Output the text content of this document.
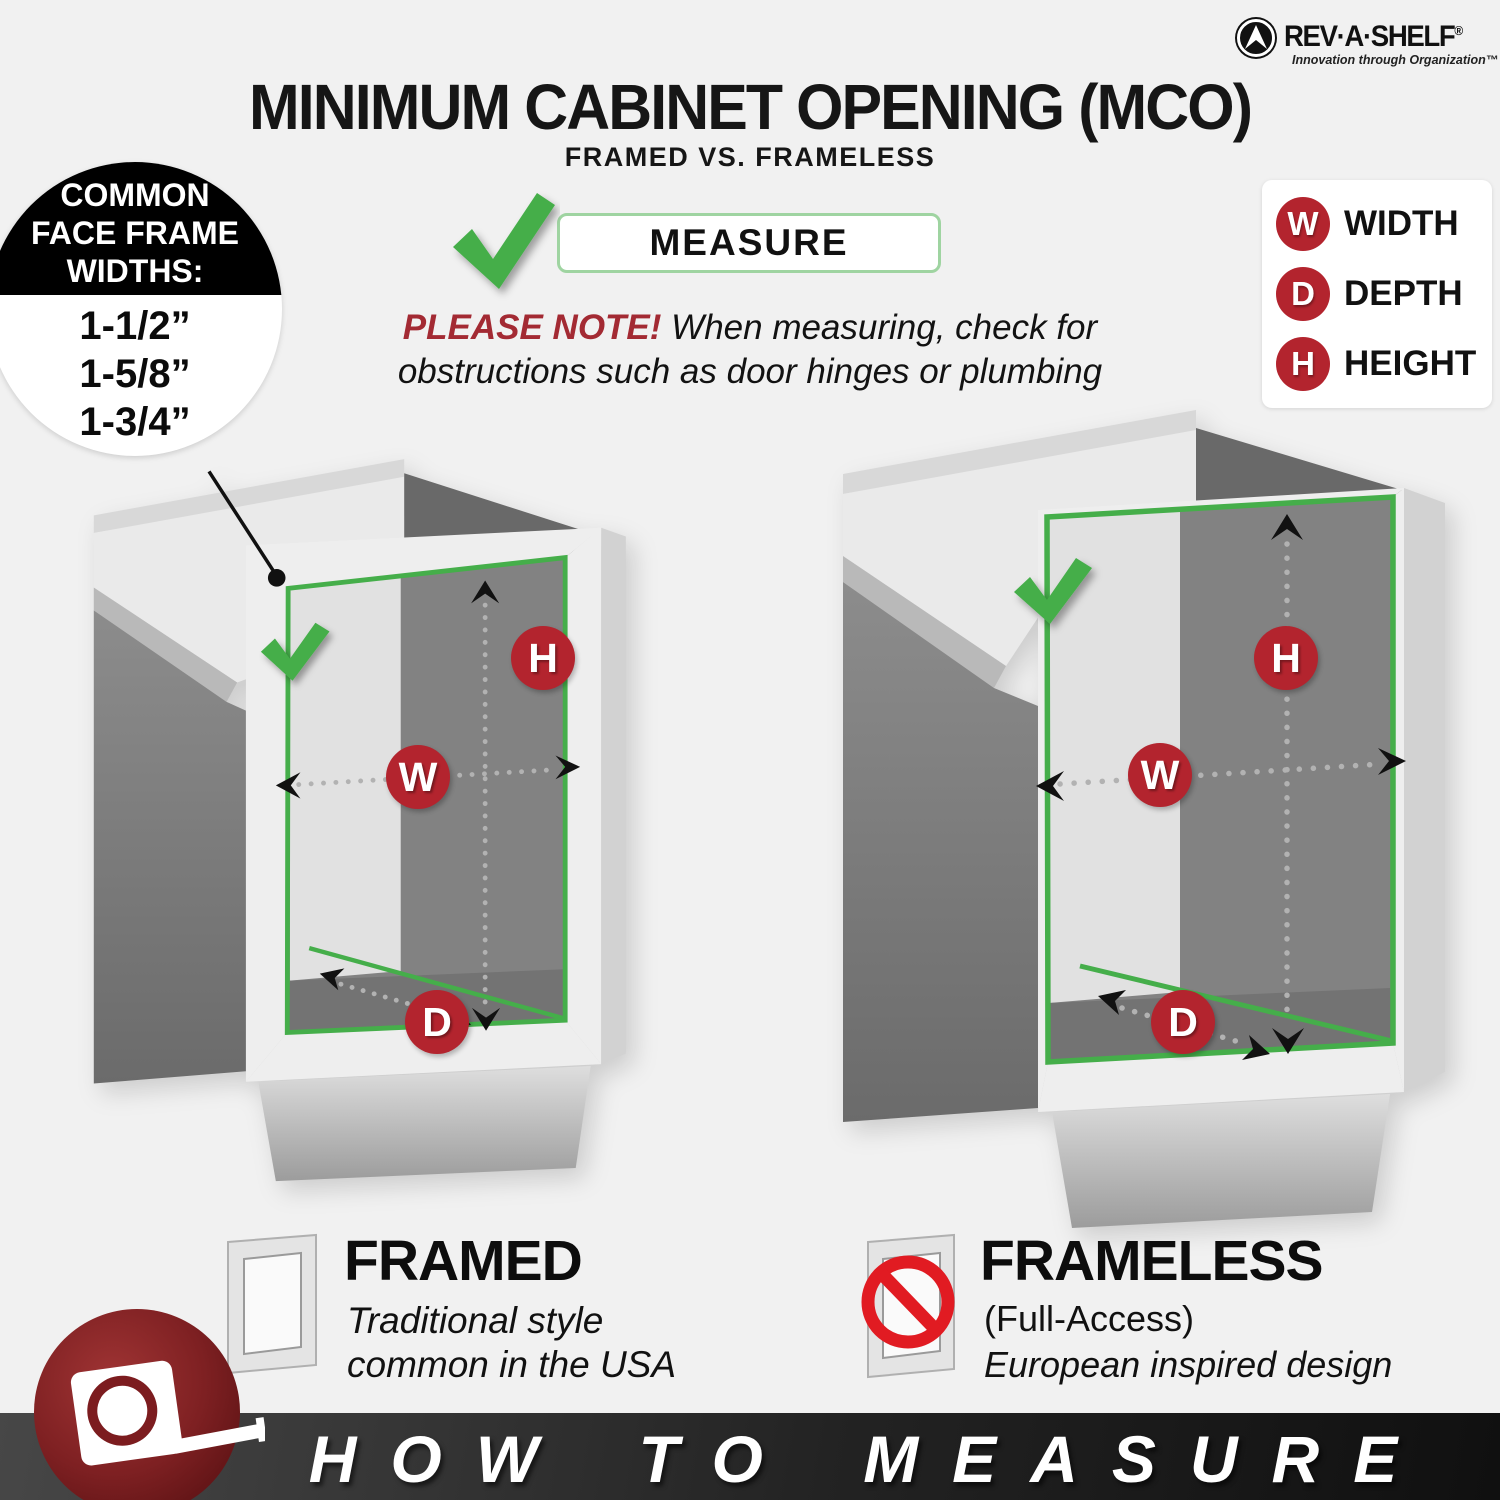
REV·A·SHELF®
Innovation through Organization™
MINIMUM CABINET OPENING (MCO)
FRAMED VS. FRAMELESS
COMMON
FACE FRAME
WIDTHS:
1-1/2”
1-5/8”
1-3/4”
MEASURE
PLEASE NOTE! When measuring, check for
obstructions such as door hinges or plumbing
W WIDTH
D DEPTH
H HEIGHT
H
W
D
H
W
D
FRAMED
Traditional style
common in the USA
FRAMELESS
(Full-Access)
European inspired design
HOW TO MEASURE
